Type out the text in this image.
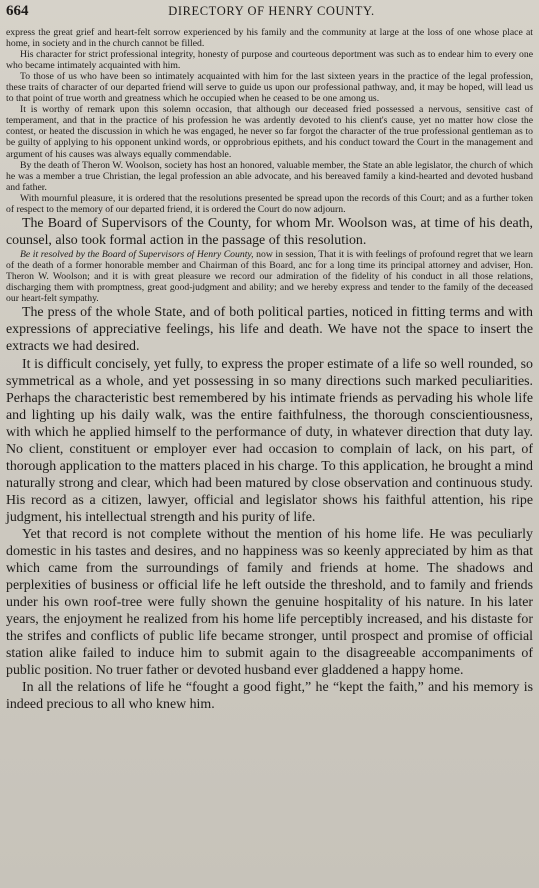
664	DIRECTORY OF HENRY COUNTY.

express the great grief and heart-felt sorrow experienced by his family and the community at large at the loss of one whose place at home, in society and in the church cannot be filled.

His character for strict professional integrity, honesty of purpose and courteous deportment was such as to endear him to every one who became intimately acquainted with him.

To those of us who have been so intimately acquainted with him for the last sixteen years in the practice of the legal profession, these traits of character of our departed friend will serve to guide us upon our professional pathway, and, it may be hoped, will lead us to that point of true worth and greatness which he occupied when he ceased to be one among us.

It is worthy of remark upon this solemn occasion, that although our deceased fried possessed a nervous, sensitive cast of temperament, and that in the practice of his profession he was ardently devoted to his client's cause, yet no matter how close the contest, or heated the discussion in which he was engaged, he never so far forgot the character of the true professional gentleman as to be guilty of applying to his opponent unkind words, or opprobrious epithets, and his conduct toward the Court in the management and argument of his causes was always equally commendable.

By the death of Theron W. Woolson, society has host an honored, valuable member, the State an able legislator, the church of which he was a member a true Christian, the legal profession an able advocate, and his bereaved family a kind-hearted and devoted husband and father.

With mournful pleasure, it is ordered that the resolutions presented be spread upon the records of this Court; and as a further token of respect to the memory of our departed friend, it is ordered the Court do now adjourn.

The Board of Supervisors of the County, for whom Mr. Woolson was, at time of his death, counsel, also took formal action in the passage of this resolution.

Be it resolved by the Board of Supervisors of Henry County, now in session, That it is with feelings of profound regret that we learn of the death of a former honorable member and Chairman of this Board, anc for a long time its principal attorney and adviser, Hon. Theron W. Woolson; and it is with great pleasure we record our admiration of the fidelity of his conduct in all those relations, discharging them with promptness, great good-judgment and ability; and we hereby express and tender to the family of the deceased our heart-felt sympathy.

The press of the whole State, and of both political parties, noticed in fitting terms and with expressions of appreciative feelings, his life and death. We have not the space to insert the extracts we had desired.

It is difficult concisely, yet fully, to express the proper estimate of a life so well rounded, so symmetrical as a whole, and yet possessing in so many directions such marked peculiarities. Perhaps the characteristic best remembered by his intimate friends as pervading his whole life and lighting up his daily walk, was the entire faithfulness, the thorough conscientiousness, with which he applied himself to the performance of duty, in whatever direction that duty lay. No client, constituent or employer ever had occasion to complain of lack, on his part, of thorough application to the matters placed in his charge. To this application, he brought a mind naturally strong and clear, which had been matured by close observation and continuous study. His record as a citizen, lawyer, official and legislator shows his faithful attention, his ripe judgment, his intellectual strength and his purity of life.

Yet that record is not complete without the mention of his home life. He was peculiarly domestic in his tastes and desires, and no happiness was so keenly appreciated by him as that which came from the surroundings of family and friends at home. The shadows and perplexities of business or official life he left outside the threshold, and to family and friends under his own roof-tree were fully shown the genuine hospitality of his nature. In his later years, the enjoyment he realized from his home life perceptibly increased, and his distaste for the strifes and conflicts of public life became stronger, until prospect and promise of official station alike failed to induce him to submit again to the disagreeable accompaniments of public position. No truer father or devoted husband ever gladdened a happy home.

In all the relations of life he “fought a good fight,” he “kept the faith,” and his memory is indeed precious to all who knew him.
